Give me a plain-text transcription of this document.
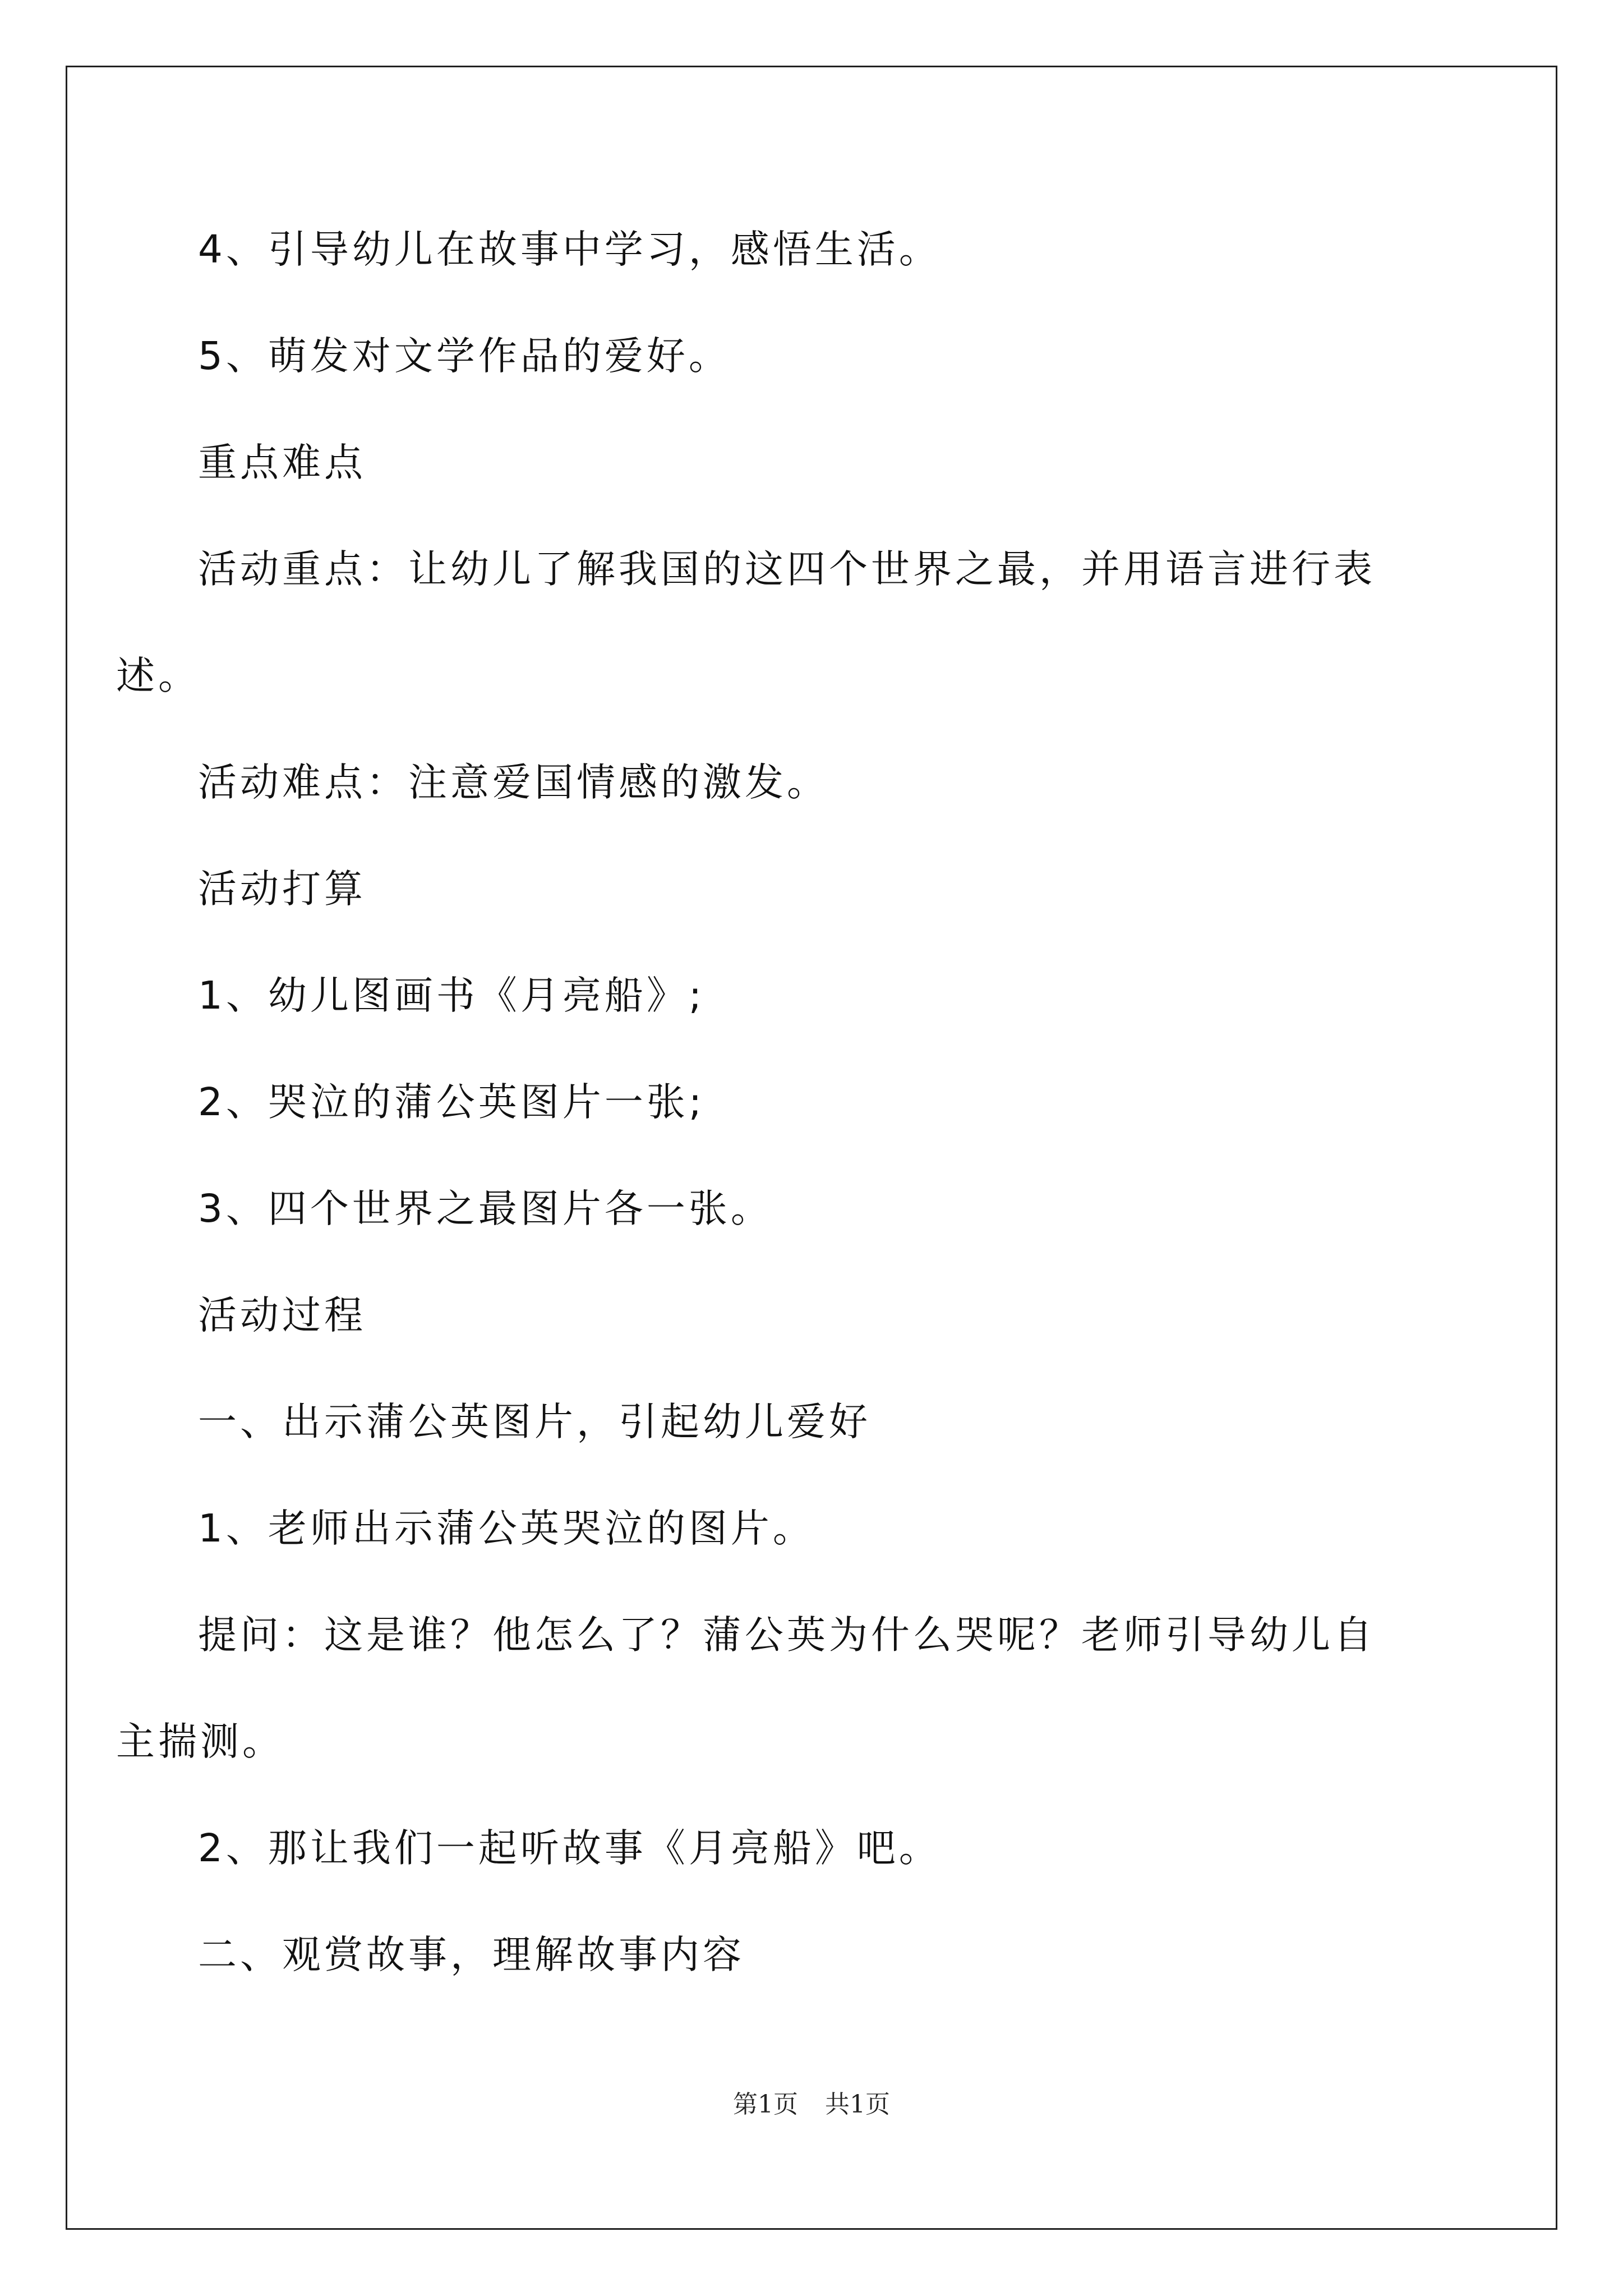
4、引导幼儿在故事中学习，感悟生活。
5、萌发对文学作品的爱好。
重点难点
活动重点：让幼儿了解我国的这四个世界之最，并用语言进行表
述。
活动难点：注意爱国情感的激发。
活动打算
1、幼儿图画书《月亮船》;
2、哭泣的蒲公英图片一张;
3、四个世界之最图片各一张。
活动过程
一、出示蒲公英图片，引起幼儿爱好
1、老师出示蒲公英哭泣的图片。
提问：这是谁？他怎么了？蒲公英为什么哭呢？老师引导幼儿自
主揣测。
2、那让我们一起听故事《月亮船》吧。
二、观赏故事，理解故事内容
第1页 共1页
